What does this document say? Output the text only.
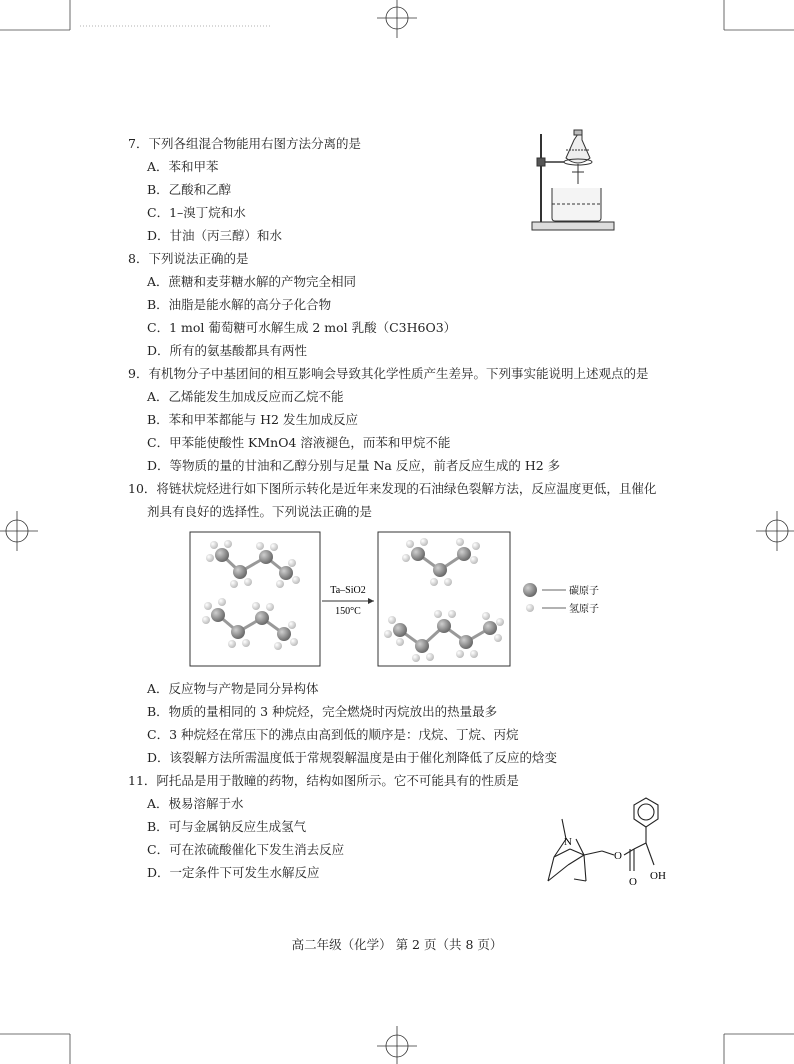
7．下列各组混合物能用右图方法分离的是
A．苯和甲苯
B．乙酸和乙醇
C．1–溴丁烷和水
D．甘油（丙三醇）和水
8．下列说法正确的是
A．蔗糖和麦芽糖水解的产物完全相同
B．油脂是能水解的高分子化合物
C．1 mol 葡萄糖可水解生成 2 mol 乳酸（C3H6O3）
D．所有的氨基酸都具有两性
9．有机物分子中基团间的相互影响会导致其化学性质产生差异。下列事实能说明上述观点的是
A．乙烯能发生加成反应而乙烷不能
B．苯和甲苯都能与 H2 发生加成反应
C．甲苯能使酸性 KMnO4 溶液褪色，而苯和甲烷不能
D．等物质的量的甘油和乙醇分别与足量 Na 反应，前者反应生成的 H2 多
10．将链状烷烃进行如下图所示转化是近年来发现的石油绿色裂解方法，反应温度更低，且催化
剂具有良好的选择性。下列说法正确的是
Ta–SiO2
150°C
碳原子
氢原子
A．反应物与产物是同分异构体
B．物质的量相同的 3 种烷烃，完全燃烧时丙烷放出的热量最多
C．3 种烷烃在常压下的沸点由高到低的顺序是：戊烷、丁烷、丙烷
D．该裂解方法所需温度低于常规裂解温度是由于催化剂降低了反应的焓变
11．阿托品是用于散瞳的药物，结构如图所示。它不可能具有的性质是
A．极易溶解于水
B．可与金属钠反应生成氢气
C．可在浓硫酸催化下发生消去反应
D．一定条件下可发生水解反应
N
O
OH
O
高二年级（化学） 第 2 页（共 8 页）
